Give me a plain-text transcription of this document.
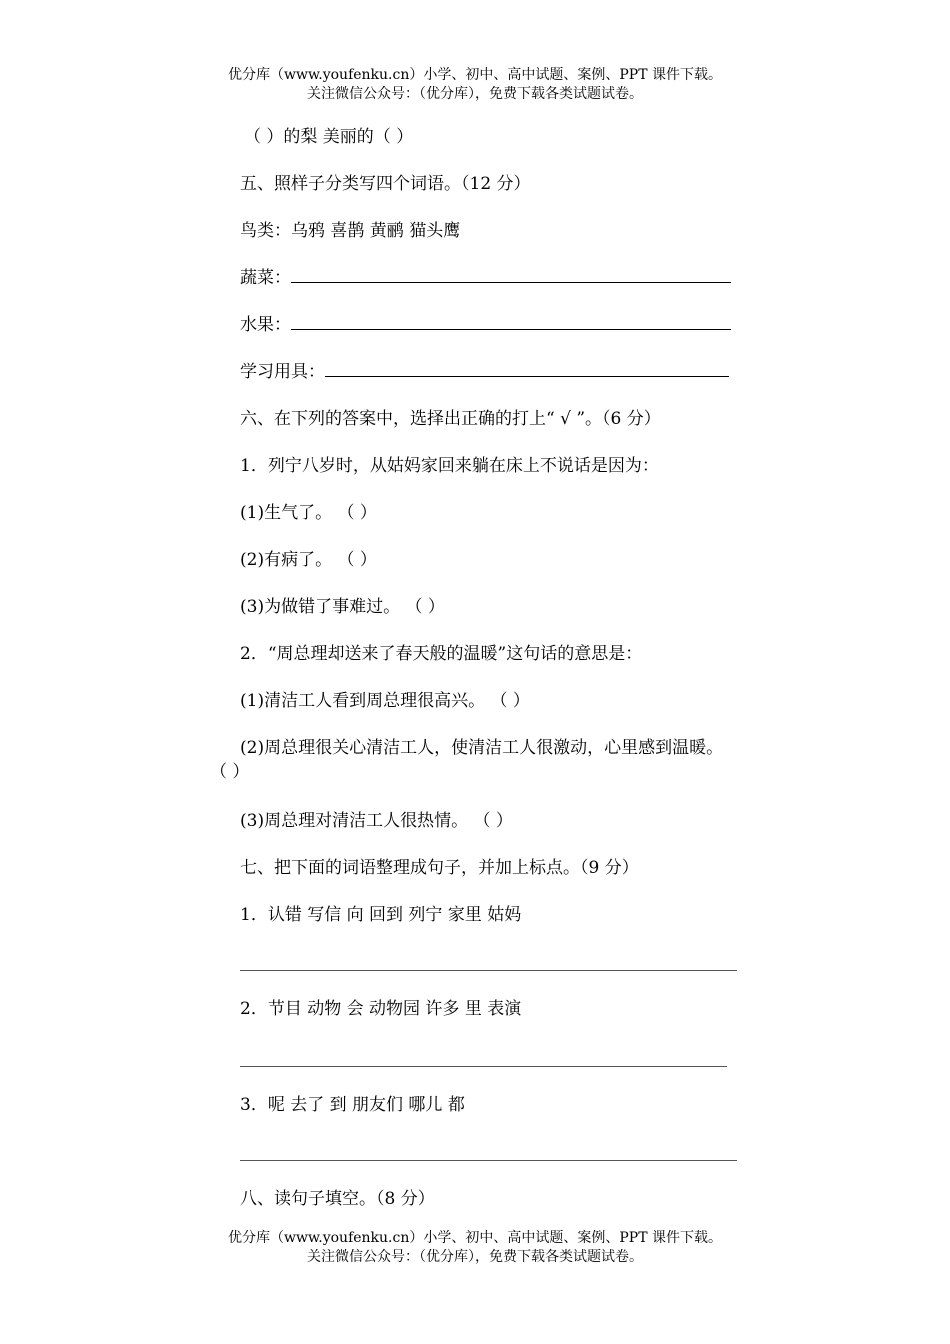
优分库（www.youfenku.cn）小学、初中、高中试题、案例、PPT 课件下载。
关注微信公众号：（优分库），免费下载各类试题试卷。
（ ）的梨 美丽的（ ）
五、照样子分类写四个词语。（12 分）
鸟类：乌鸦 喜鹊 黄鹂 猫头鹰
蔬菜：
水果：
学习用具：
六、在下列的答案中，选择出正确的打上“ √ ”。（6 分）
1．列宁八岁时，从姑妈家回来躺在床上不说话是因为：
(1)生气了。 （ ）
(2)有病了。 （ ）
(3)为做错了事难过。 （ ）
2．“周总理却送来了春天般的温暖”这句话的意思是：
(1)清洁工人看到周总理很高兴。 （ ）
(2)周总理很关心清洁工人，使清洁工人很激动，心里感到温暖。
（ ）
(3)周总理对清洁工人很热情。 （ ）
七、把下面的词语整理成句子，并加上标点。（9 分）
1．认错 写信 向 回到 列宁 家里 姑妈
2．节目 动物 会 动物园 许多 里 表演
3．呢 去了 到 朋友们 哪儿 都
八、读句子填空。（8 分）
优分库（www.youfenku.cn）小学、初中、高中试题、案例、PPT 课件下载。
关注微信公众号：（优分库），免费下载各类试题试卷。
